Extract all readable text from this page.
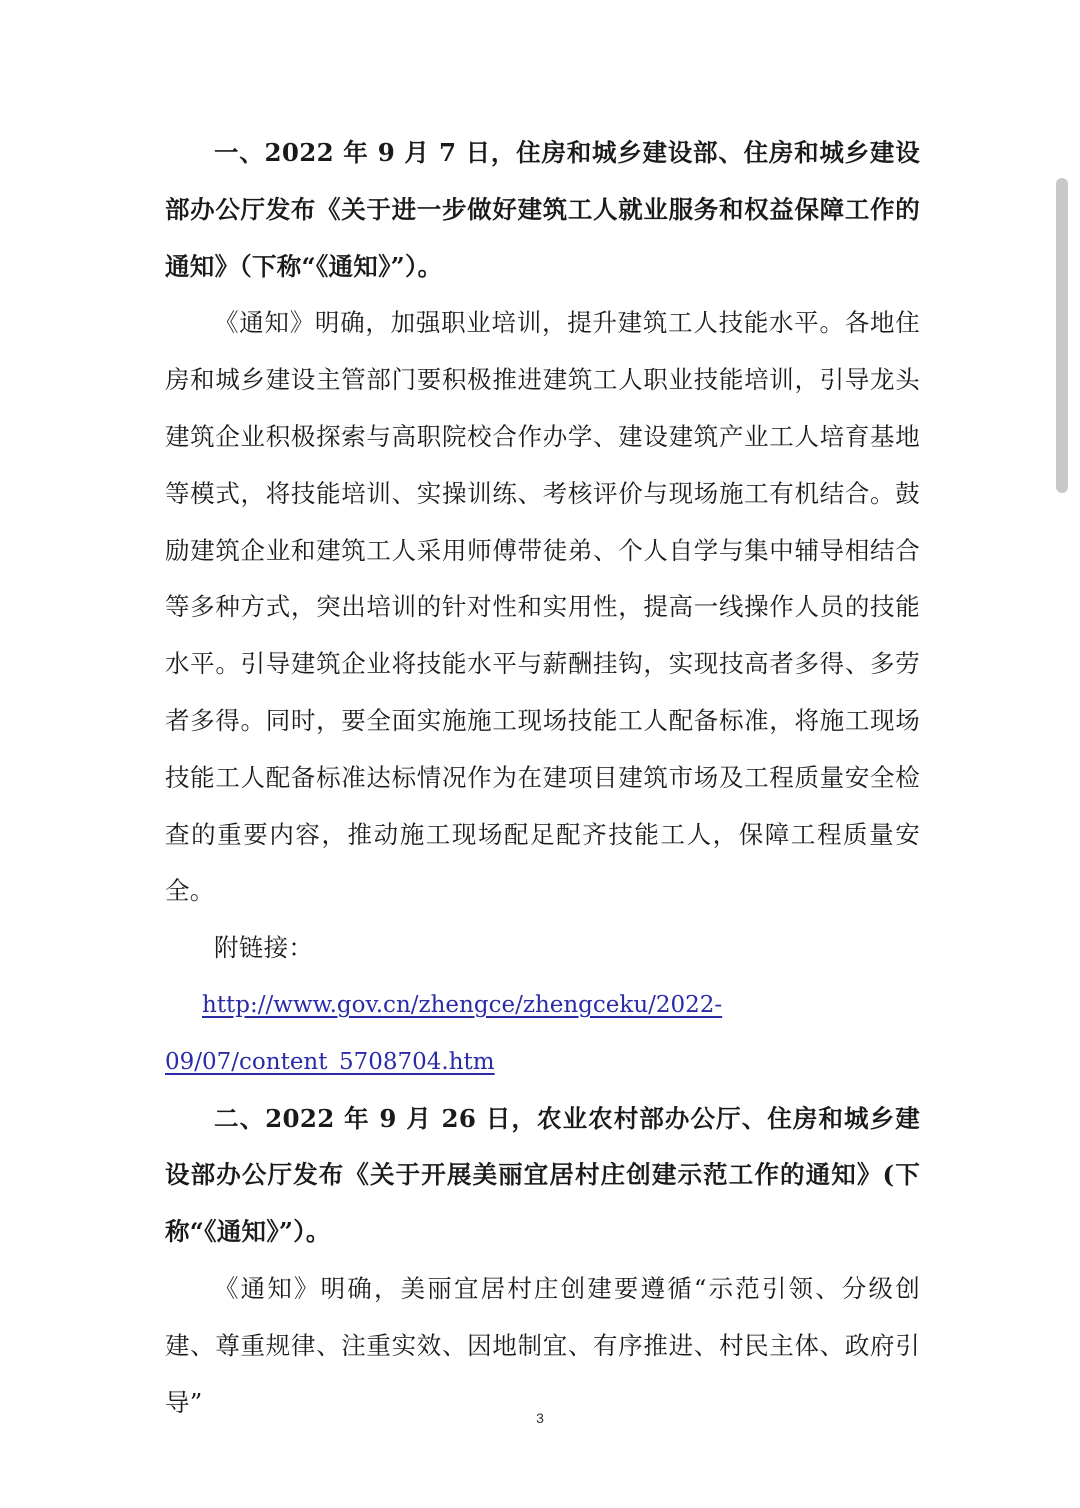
一、2022 年 9 月 7 日，住房和城乡建设部、住房和城乡建设部办公厅发布《关于进一步做好建筑工人就业服务和权益保障工作的通知》（下称“《通知》”）。

《通知》明确，加强职业培训，提升建筑工人技能水平。各地住房和城乡建设主管部门要积极推进建筑工人职业技能培训，引导龙头建筑企业积极探索与高职院校合作办学、建设建筑产业工人培育基地等模式，将技能培训、实操训练、考核评价与现场施工有机结合。鼓励建筑企业和建筑工人采用师傅带徒弟、个人自学与集中辅导相结合等多种方式，突出培训的针对性和实用性，提高一线操作人员的技能水平。引导建筑企业将技能水平与薪酬挂钩，实现技高者多得、多劳者多得。同时，要全面实施施工现场技能工人配备标准，将施工现场技能工人配备标准达标情况作为在建项目建筑市场及工程质量安全检查的重要内容，推动施工现场配足配齐技能工人，保障工程质量安全。

附链接：

http://www.gov.cn/zhengce/zhengceku/2022-
09/07/content_5708704.htm

二、2022 年 9 月 26 日，农业农村部办公厅、住房和城乡建设部办公厅发布《关于开展美丽宜居村庄创建示范工作的通知》(下称“《通知》”）。

《通知》明确，美丽宜居村庄创建要遵循“示范引领、分级创建、尊重规律、注重实效、因地制宜、有序推进、村民主体、政府引导”

3
